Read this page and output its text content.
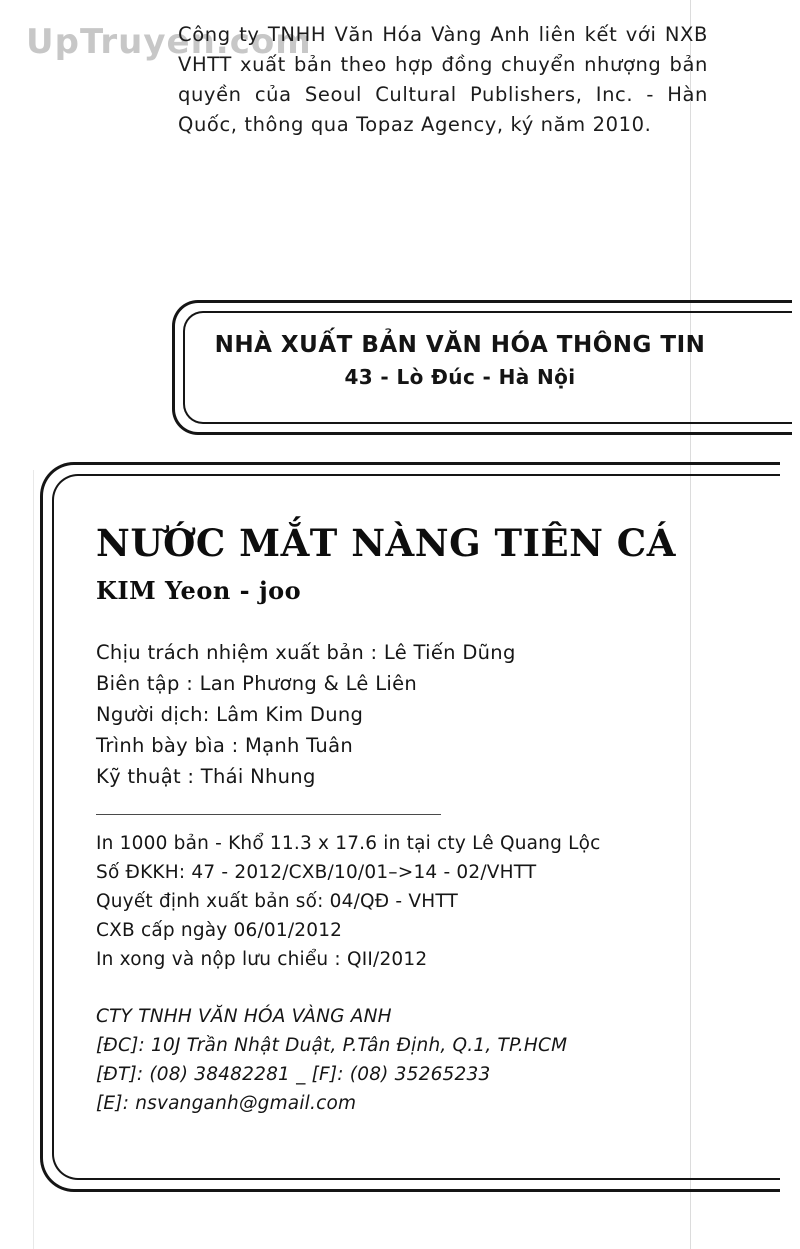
UpTruyen.com
Công ty TNHH Văn Hóa Vàng Anh liên kết với NXB VHTT xuất bản theo hợp đồng chuyển nhượng bản quyền của Seoul Cultural Publishers, Inc. - Hàn Quốc, thông qua Topaz Agency, ký năm 2010.
NHÀ XUẤT BẢN VĂN HÓA THÔNG TIN
43 - Lò Đúc - Hà Nội
NƯỚC MẮT NÀNG TIÊN CÁ
KIM Yeon - joo
Chịu trách nhiệm xuất bản : Lê Tiến Dũng
Biên tập : Lan Phương & Lê Liên
Người dịch: Lâm Kim Dung
Trình bày bìa : Mạnh Tuân
Kỹ thuật : Thái Nhung
In 1000 bản - Khổ 11.3 x 17.6 in tại cty Lê Quang Lộc
Số ĐKKH: 47 - 2012/CXB/10/01–>14 - 02/VHTT
Quyết định xuất bản số: 04/QĐ - VHTT
CXB cấp ngày 06/01/2012
In xong và nộp lưu chiểu : QII/2012
CTY TNHH VĂN HÓA VÀNG ANH
[ĐC]: 10J Trần Nhật Duật, P.Tân Định, Q.1, TP.HCM
[ĐT]: (08) 38482281 _ [F]: (08) 35265233
[E]: nsvanganh@gmail.com
